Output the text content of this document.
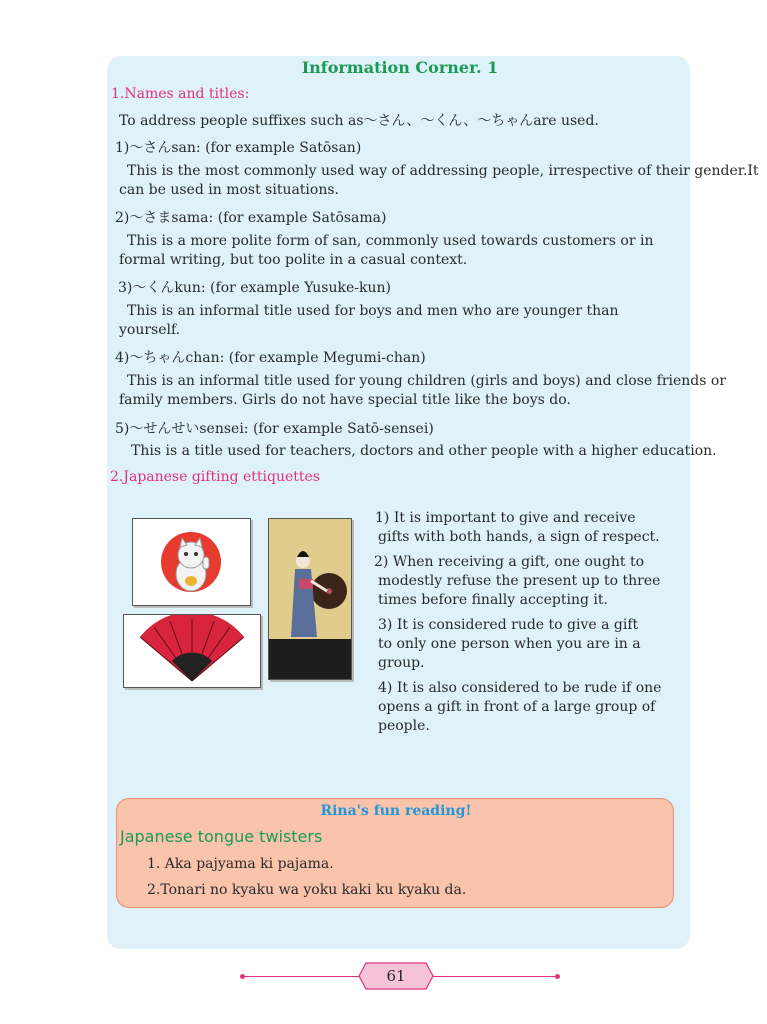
Information Corner. 1
1.Names and titles:
To address people suffixes such as～さん、～くん、～ちゃんare used.
1)～さんsan: (for example Satōsan)
This is the most commonly used way of addressing people, irrespective of their gender.It
can be used in most situations.
2)～さまsama: (for example Satōsama)
This is a more polite form of san, commonly used towards customers or in
formal writing, but too polite in a casual context.
3)～くんkun: (for example Yusuke-kun)
This is an informal title used for boys and men who are younger than
yourself.
4)～ちゃんchan: (for example Megumi-chan)
This is an informal title used for young children (girls and boys) and close friends or
family members. Girls do not have special title like the boys do.
5)～せんせいsensei: (for example Satō-sensei)
This is a title used for teachers, doctors and other people with a higher education.
2.Japanese gifting ettiquettes
1) It is important to give and receive
gifts with both hands, a sign of respect.
2) When receiving a gift, one ought to
modestly refuse the present up to three
times before finally accepting it.
3) It is considered rude to give a gift
to only one person when you are in a
group.
4) It is also considered to be rude if one
opens a gift in front of a large group of
people.
Rina's fun reading!
Japanese tongue twisters
1. Aka pajyama ki pajama.
2.Tonari no kyaku wa yoku kaki ku kyaku da.
61
